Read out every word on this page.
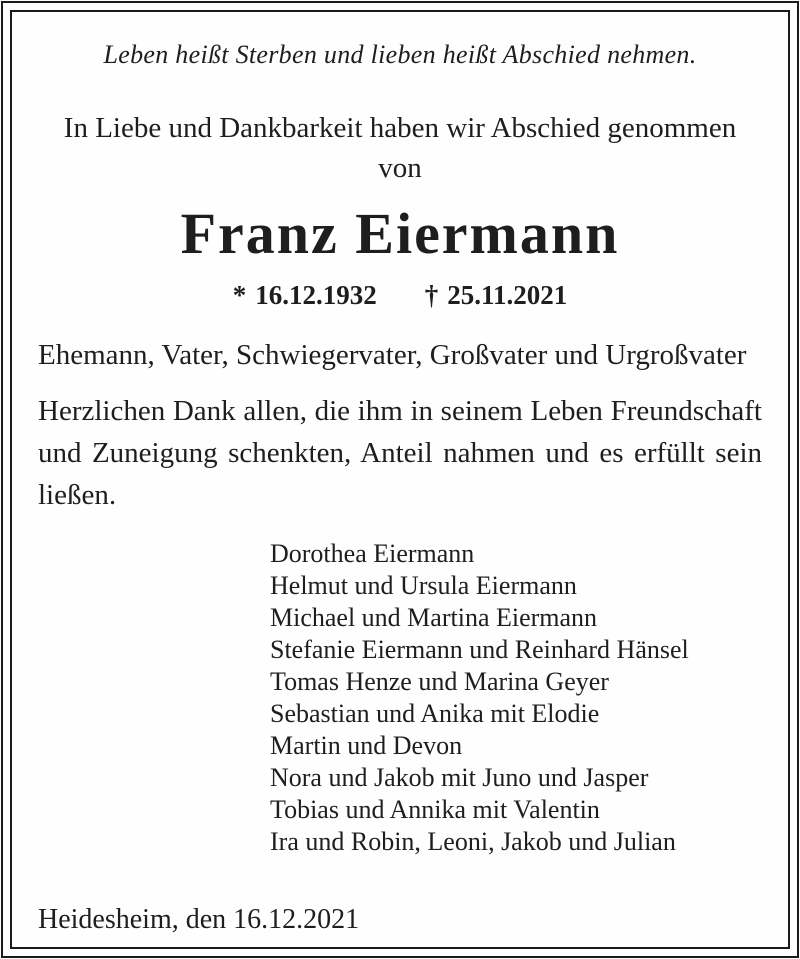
Leben heißt Sterben und lieben heißt Abschied nehmen.
In Liebe und Dankbarkeit haben wir Abschied genommen
von
Franz Eiermann
* 16.12.1932 † 25.11.2021
Ehemann, Vater, Schwiegervater, Großvater und Urgroßvater
Herzlichen Dank allen, die ihm in seinem Leben Freundschaft
und Zuneigung schenkten, Anteil nahmen und es erfüllt sein
ließen.
Dorothea Eiermann
Helmut und Ursula Eiermann
Michael und Martina Eiermann
Stefanie Eiermann und Reinhard Hänsel
Tomas Henze und Marina Geyer
Sebastian und Anika mit Elodie
Martin und Devon
Nora und Jakob mit Juno und Jasper
Tobias und Annika mit Valentin
Ira und Robin, Leoni, Jakob und Julian
Heidesheim, den 16.12.2021
